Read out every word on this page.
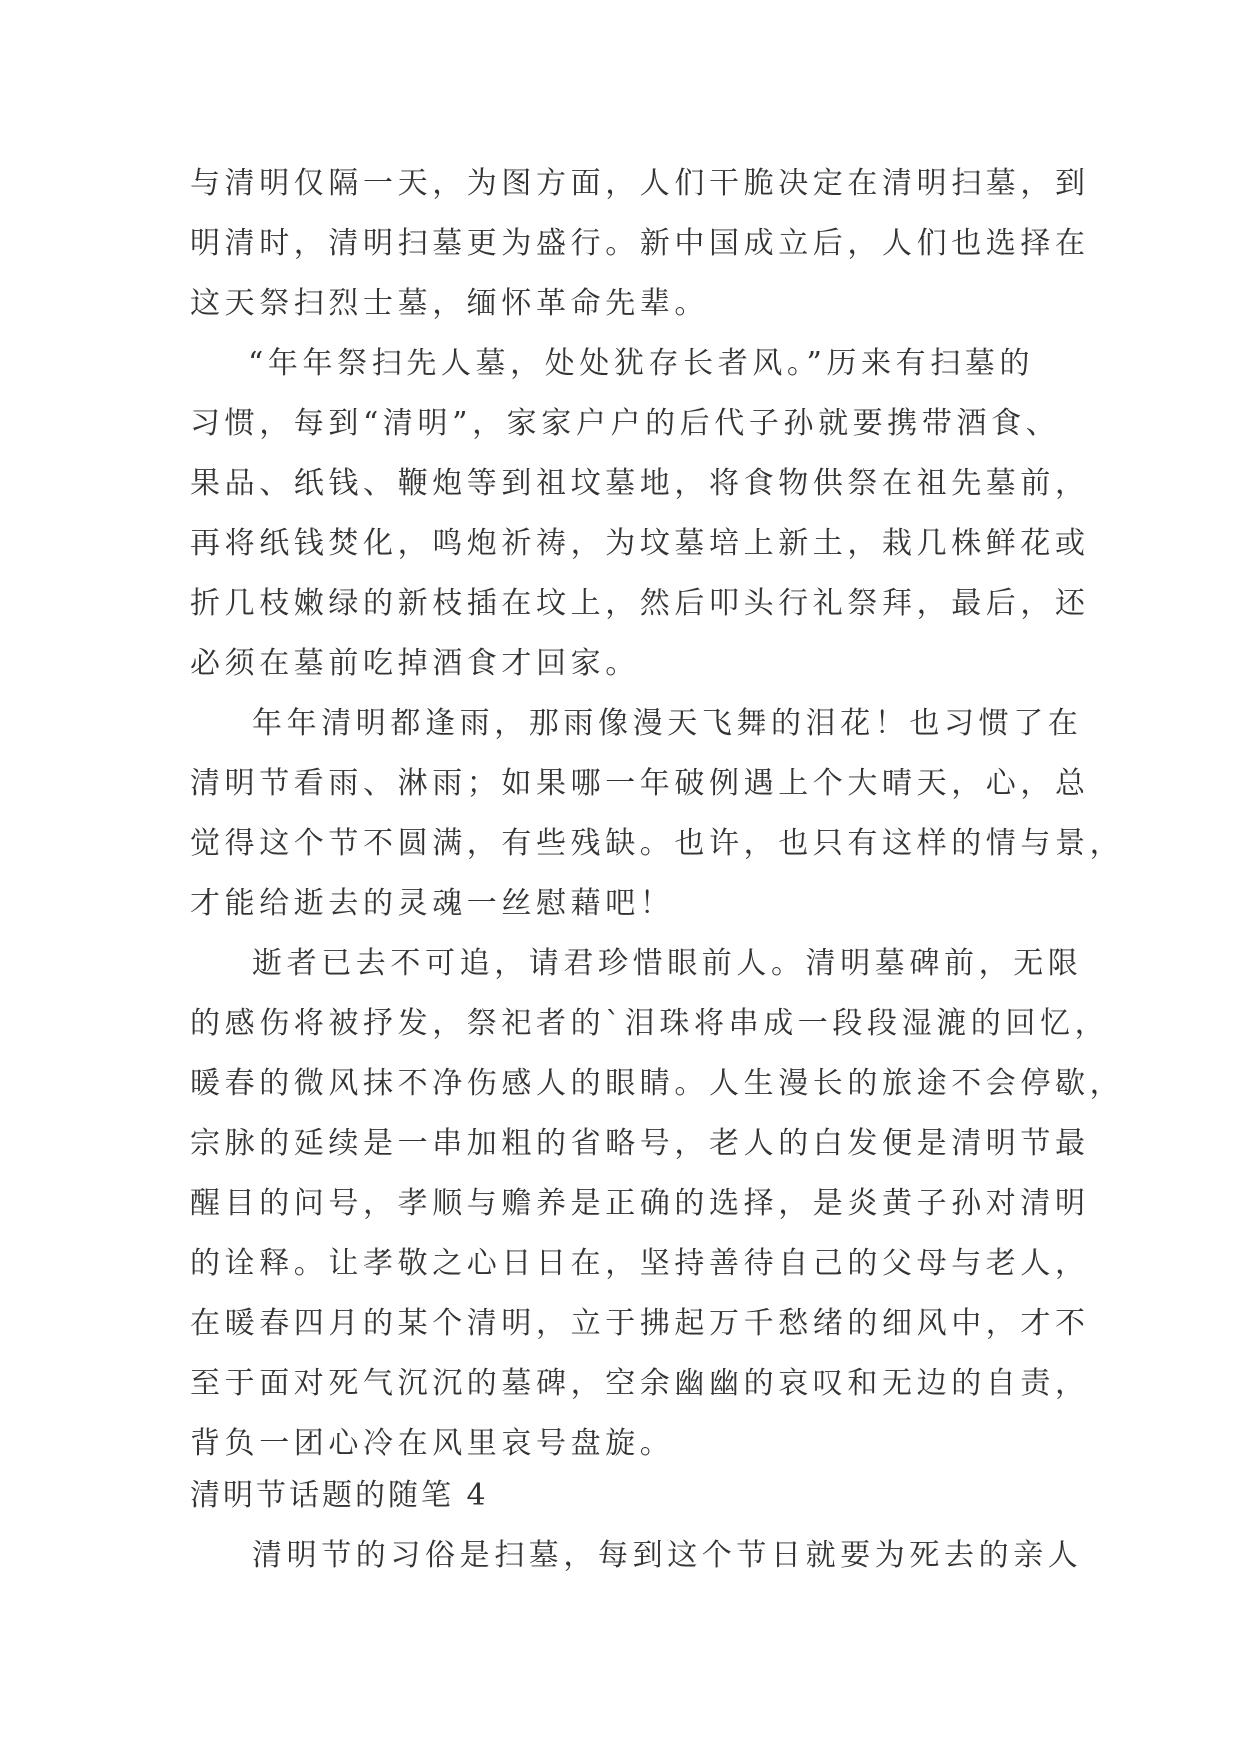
与清明仅隔一天，为图方面，人们干脆决定在清明扫墓，到
明清时，清明扫墓更为盛行。新中国成立后，人们也选择在
这天祭扫烈士墓，缅怀革命先辈。
“年年祭扫先人墓，处处犹存长者风。”历来有扫墓的
习惯，每到“清明”，家家户户的后代子孙就要携带酒食、
果品、纸钱、鞭炮等到祖坟墓地，将食物供祭在祖先墓前，
再将纸钱焚化，鸣炮祈祷，为坟墓培上新土，栽几株鲜花或
折几枝嫩绿的新枝插在坟上，然后叩头行礼祭拜，最后，还
必须在墓前吃掉酒食才回家。
年年清明都逢雨，那雨像漫天飞舞的泪花！也习惯了在
清明节看雨、淋雨；如果哪一年破例遇上个大晴天，心，总
觉得这个节不圆满，有些残缺。也许，也只有这样的情与景，
才能给逝去的灵魂一丝慰藉吧！
逝者已去不可追，请君珍惜眼前人。清明墓碑前，无限
的感伤将被抒发，祭祀者的`泪珠将串成一段段湿漉的回忆，
暖春的微风抹不净伤感人的眼睛。人生漫长的旅途不会停歇，
宗脉的延续是一串加粗的省略号，老人的白发便是清明节最
醒目的问号，孝顺与赡养是正确的选择，是炎黄子孙对清明
的诠释。让孝敬之心日日在，坚持善待自己的父母与老人，
在暖春四月的某个清明，立于拂起万千愁绪的细风中，才不
至于面对死气沉沉的墓碑，空余幽幽的哀叹和无边的自责，
背负一团心冷在风里哀号盘旋。
清明节话题的随笔 4
清明节的习俗是扫墓，每到这个节日就要为死去的亲人
